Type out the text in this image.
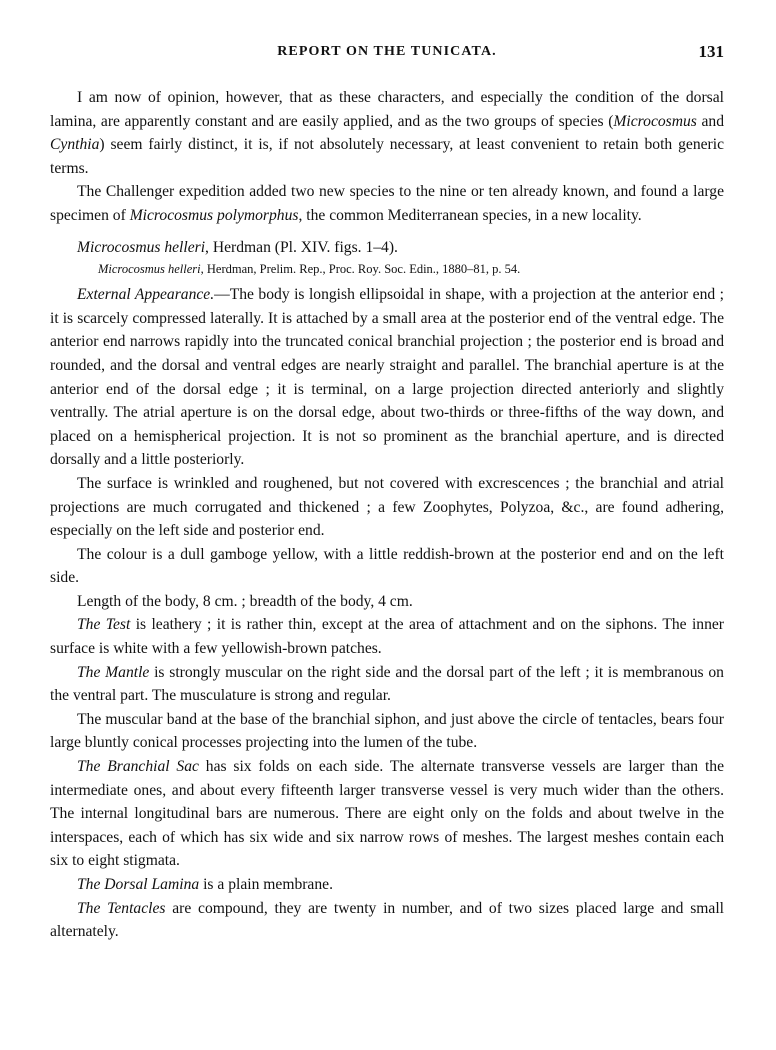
REPORT ON THE TUNICATA.	131

I am now of opinion, however, that as these characters, and especially the condition of the dorsal lamina, are apparently constant and are easily applied, and as the two groups of species (Microcosmus and Cynthia) seem fairly distinct, it is, if not absolutely necessary, at least convenient to retain both generic terms.

The Challenger expedition added two new species to the nine or ten already known, and found a large specimen of Microcosmus polymorphus, the common Mediterranean species, in a new locality.

Microcosmus helleri, Herdman (Pl. XIV. figs. 1–4).

Microcosmus helleri, Herdman, Prelim. Rep., Proc. Roy. Soc. Edin., 1880–81, p. 54.

External Appearance.—The body is longish ellipsoidal in shape, with a projection at the anterior end ; it is scarcely compressed laterally. It is attached by a small area at the posterior end of the ventral edge. The anterior end narrows rapidly into the truncated conical branchial projection ; the posterior end is broad and rounded, and the dorsal and ventral edges are nearly straight and parallel. The branchial aperture is at the anterior end of the dorsal edge ; it is terminal, on a large projection directed anteriorly and slightly ventrally. The atrial aperture is on the dorsal edge, about two-thirds or three-fifths of the way down, and placed on a hemispherical projection. It is not so prominent as the branchial aperture, and is directed dorsally and a little posteriorly.

The surface is wrinkled and roughened, but not covered with excrescences ; the branchial and atrial projections are much corrugated and thickened ; a few Zoophytes, Polyzoa, &c., are found adhering, especially on the left side and posterior end.

The colour is a dull gamboge yellow, with a little reddish-brown at the posterior end and on the left side.

Length of the body, 8 cm. ; breadth of the body, 4 cm.

The Test is leathery ; it is rather thin, except at the area of attachment and on the siphons. The inner surface is white with a few yellowish-brown patches.

The Mantle is strongly muscular on the right side and the dorsal part of the left ; it is membranous on the ventral part. The musculature is strong and regular.

The muscular band at the base of the branchial siphon, and just above the circle of tentacles, bears four large bluntly conical processes projecting into the lumen of the tube.

The Branchial Sac has six folds on each side. The alternate transverse vessels are larger than the intermediate ones, and about every fifteenth larger transverse vessel is very much wider than the others. The internal longitudinal bars are numerous. There are eight only on the folds and about twelve in the interspaces, each of which has six wide and six narrow rows of meshes. The largest meshes contain each six to eight stigmata.

The Dorsal Lamina is a plain membrane.

The Tentacles are compound, they are twenty in number, and of two sizes placed large and small alternately.
